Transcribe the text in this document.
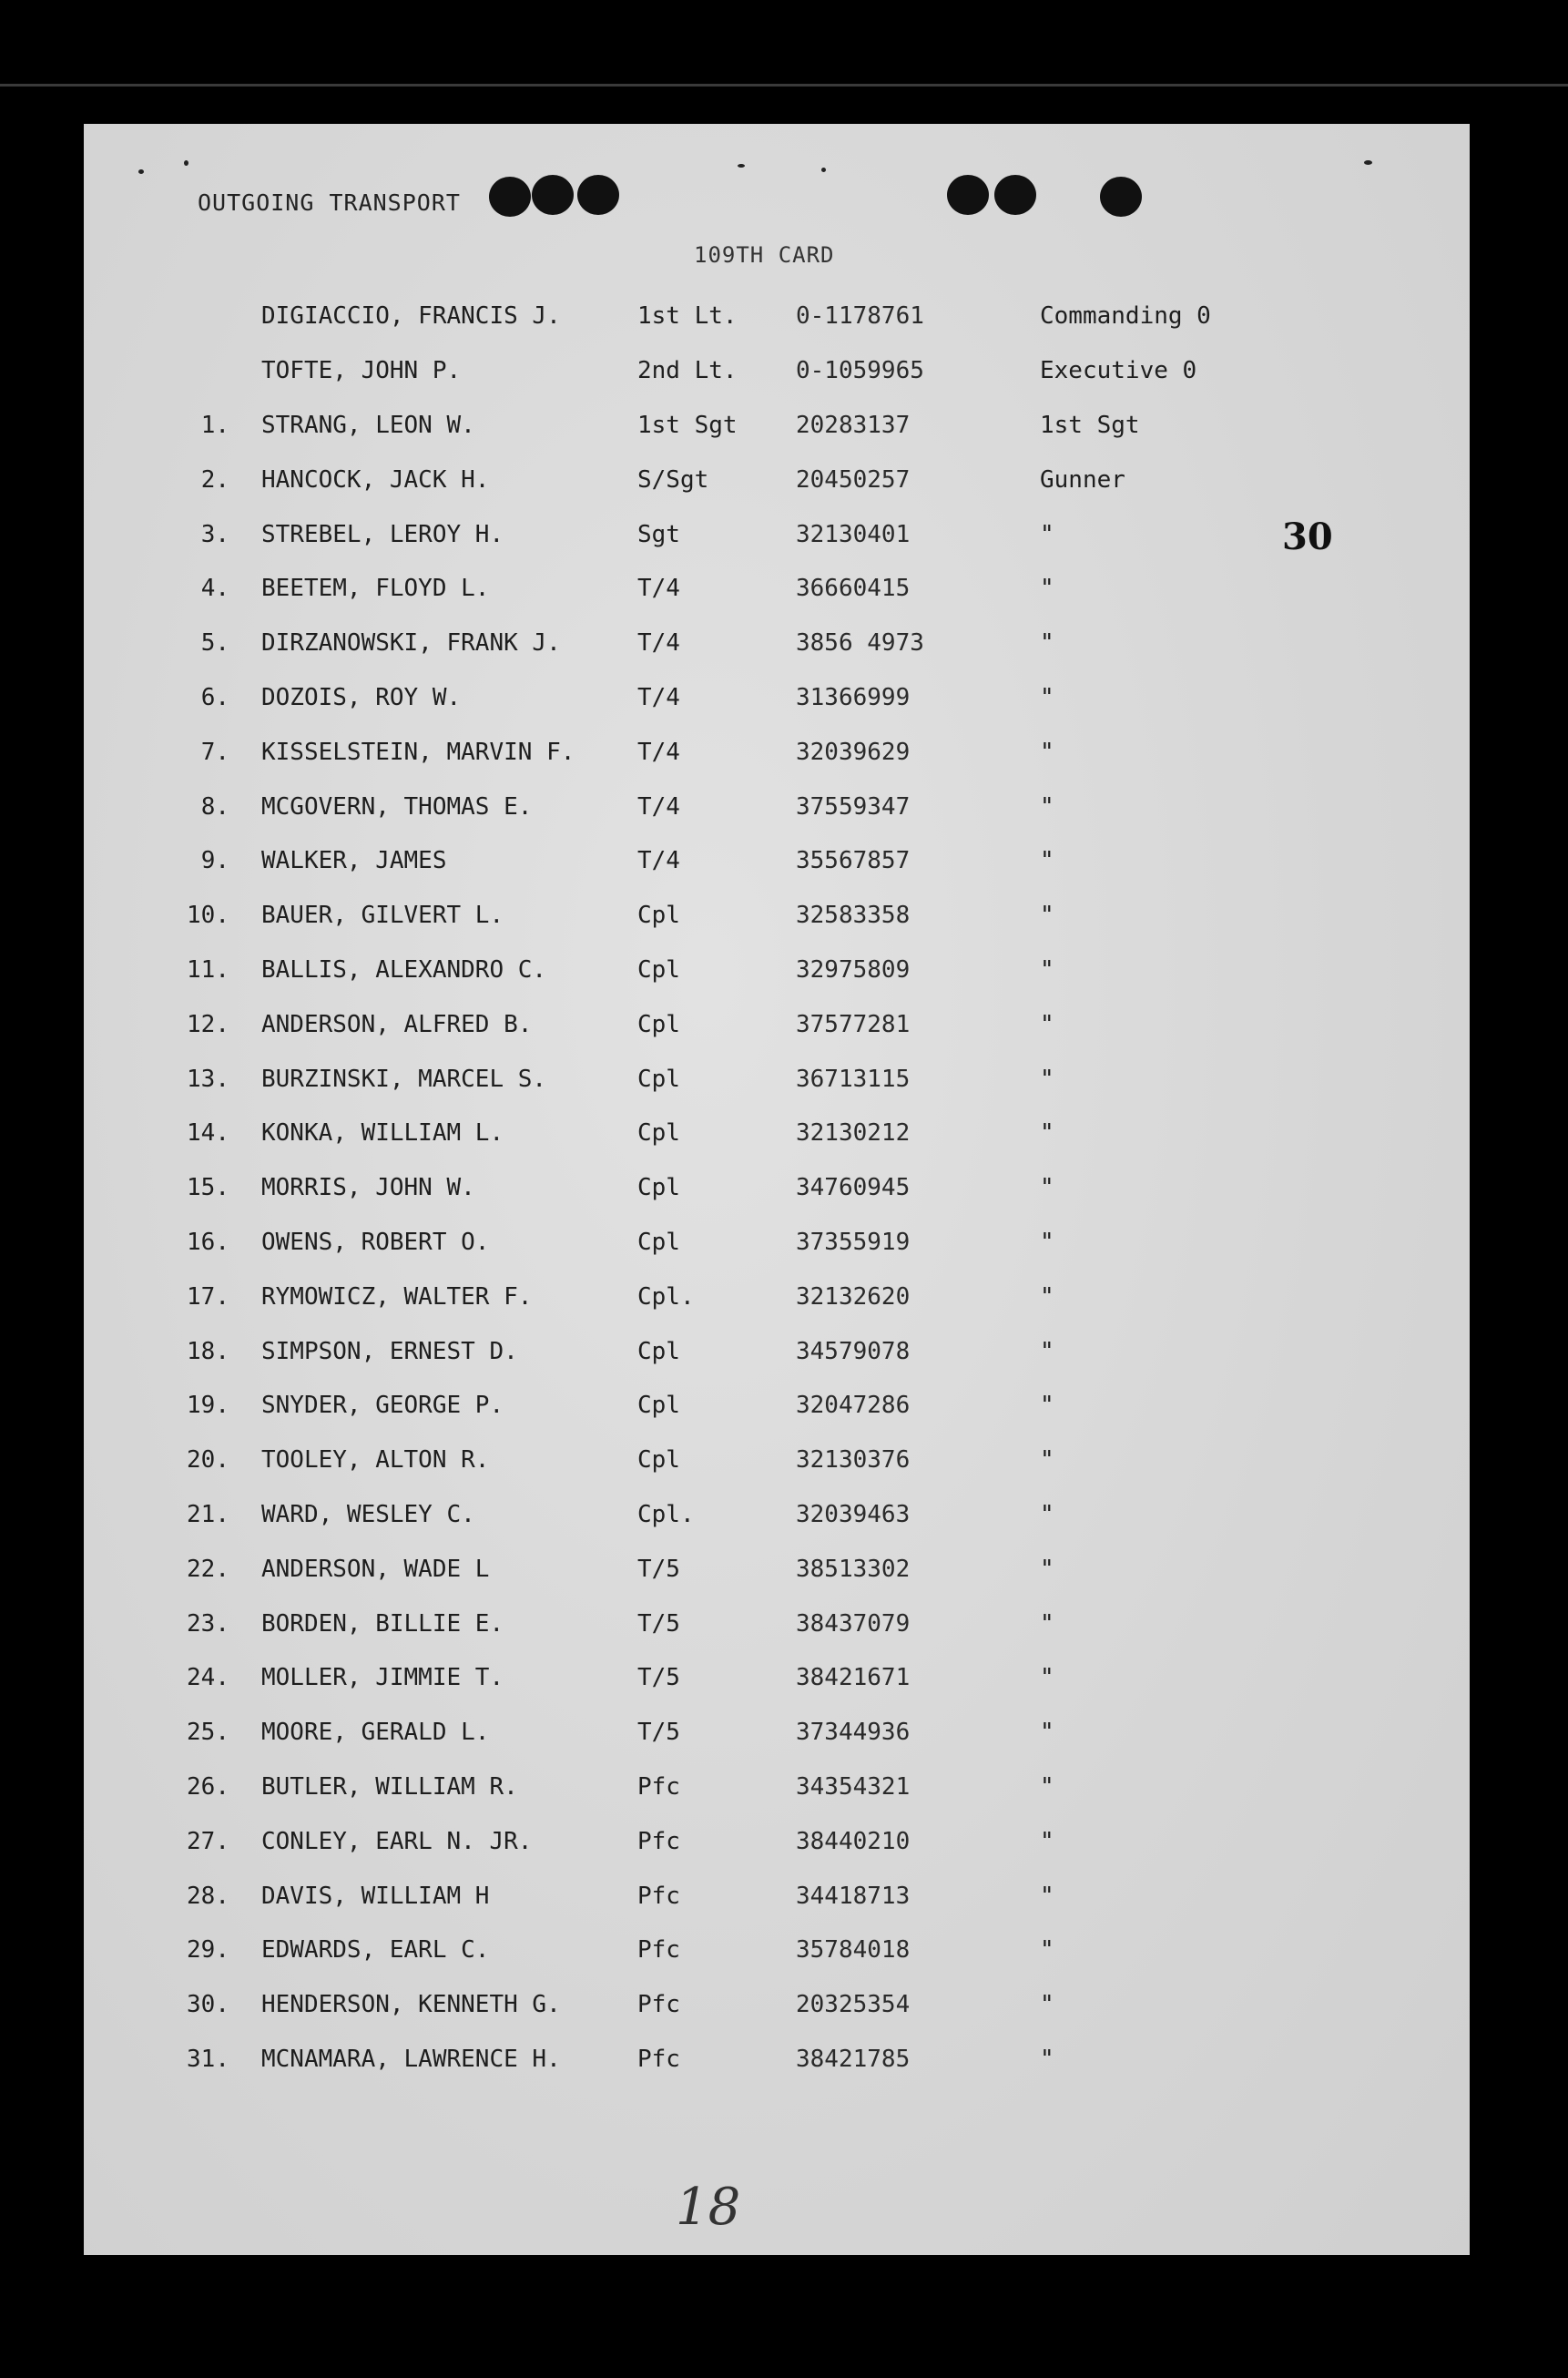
OUTGOING TRANSPORT
109TH CARD
30
DIGIACCIO, FRANCIS J.	1st Lt. 0-1178761	Commanding 0
TOFTE, JOHN P.	2nd Lt. 0-1059965	Executive 0
1. STRANG, LEON W.	1st Sgt 20283137	1st Sgt
2. HANCOCK, JACK H.	S/Sgt	20450257	Gunner
3. STREBEL, LEROY H.	Sgt	32130401	"
4. BEETEM, FLOYD L.	T/4	36660415	"
5. DIRZANOWSKI, FRANK J.	T/4	3856 4973	"
6. DOZOIS, ROY W.	T/4	31366999	"
7. KISSELSTEIN, MARVIN F.	T/4	32039629	"
8. MCGOVERN, THOMAS E.	T/4	37559347	"
9. WALKER, JAMES	T/4	35567857	"
10. BAUER, GILVERT L.	Cpl	32583358	"
11. BALLIS, ALEXANDRO C.	Cpl	32975809	"
12. ANDERSON, ALFRED B.	Cpl	37577281	"
13. BURZINSKI, MARCEL S.	Cpl	36713115	"
14. KONKA, WILLIAM L.	Cpl	32130212	"
15. MORRIS, JOHN W.	Cpl	34760945	"
16. OWENS, ROBERT O.	Cpl	37355919	"
17. RYMOWICZ, WALTER F.	Cpl.	32132620	"
18. SIMPSON, ERNEST D.	Cpl	34579078	"
19. SNYDER, GEORGE P.	Cpl	32047286	"
20. TOOLEY, ALTON R.	Cpl	32130376	"
21. WARD, WESLEY C.	Cpl.	32039463	"
22. ANDERSON, WADE L	T/5	38513302	"
23. BORDEN, BILLIE E.	T/5	38437079	"
24. MOLLER, JIMMIE T.	T/5	38421671	"
25. MOORE, GERALD L.	T/5	37344936	"
26. BUTLER, WILLIAM R.	Pfc	34354321	"
27. CONLEY, EARL N. JR.	Pfc	38440210	"
28. DAVIS, WILLIAM H	Pfc	34418713	"
29. EDWARDS, EARL C.	Pfc	35784018	"
30. HENDERSON, KENNETH G.	Pfc	20325354	"
31. MCNAMARA, LAWRENCE H.	Pfc	38421785	"
18
